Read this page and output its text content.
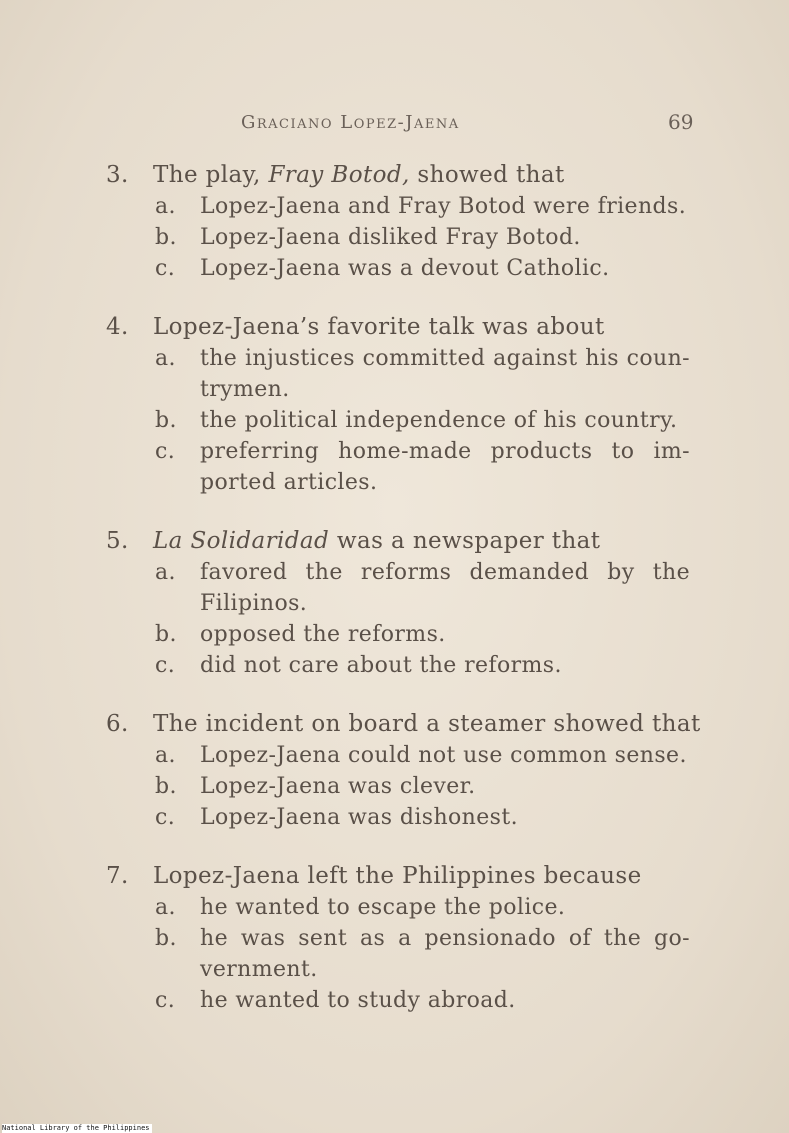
Graciano Lopez-Jaena	69
3. The play, Fray Botod, showed that
a. Lopez-Jaena and Fray Botod were friends.
b. Lopez-Jaena disliked Fray Botod.
c. Lopez-Jaena was a devout Catholic.
4. Lopez-Jaena’s favorite talk was about
a. the injustices committed against his coun-trymen.
b. the political independence of his country.
c. preferring home-made products to im-ported articles.
5. La Solidaridad was a newspaper that
a. favored the reforms demanded by the Filipinos.
b. opposed the reforms.
c. did not care about the reforms.
6. The incident on board a steamer showed that
a. Lopez-Jaena could not use common sense.
b. Lopez-Jaena was clever.
c. Lopez-Jaena was dishonest.
7. Lopez-Jaena left the Philippines because
a. he wanted to escape the police.
b. he was sent as a pensionado of the go-vernment.
c. he wanted to study abroad.
National Library of the Philippines
